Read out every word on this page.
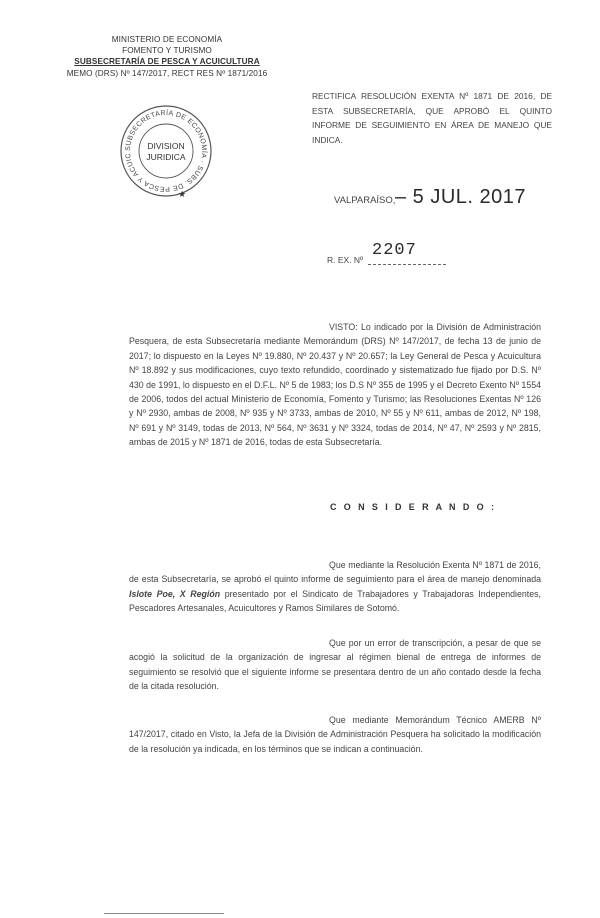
MINISTERIO DE ECONOMÍA
FOMENTO Y TURISMO
SUBSECRETARÍA DE PESCA Y ACUICULTURA
MEMO (DRS) Nº 147/2017, RECT RES Nº 1871/2016
RECTIFICA RESOLUCIÓN EXENTA Nº 1871 DE 2016, DE ESTA SUBSECRETARÍA, QUE APROBÓ EL QUINTO INFORME DE SEGUIMIENTO EN ÁREA DE MANEJO QUE INDICA.
SUBSECRETARÍA DE ECONOMÍA · SUBS. DE PESCA Y ACUIC
DIVISION
JURIDICA
★	VALPARAÍSO, – 5 JUL. 2017
R. EX. Nº 2207
VISTO: Lo indicado por la División de Administración Pesquera, de esta Subsecretaría mediante Memorándum (DRS) Nº 147/2017, de fecha 13 de junio de 2017; lo dispuesto en la Leyes Nº 19.880, Nº 20.437 y Nº 20.657; la Ley General de Pesca y Acuicultura Nº 18.892 y sus modificaciones, cuyo texto refundido, coordinado y sistematizado fue fijado por D.S. Nº 430 de 1991, lo dispuesto en el D.F.L. Nº 5 de 1983; los D.S Nº 355 de 1995 y el Decreto Exento Nº 1554 de 2006, todos del actual Ministerio de Economía, Fomento y Turismo; las Resoluciones Exentas Nº 126 y Nº 2930, ambas de 2008, Nº 935 y Nº 3733, ambas de 2010, Nº 55 y Nº 611, ambas de 2012, Nº 198, Nº 691 y Nº 3149, todas de 2013, Nº 564, Nº 3631 y Nº 3324, todas de 2014, Nº 47, Nº 2593 y Nº 2815, ambas de 2015 y Nº 1871 de 2016, todas de esta Subsecretaría.
C O N S I D E R A N D O :
Que mediante la Resolución Exenta Nº 1871 de 2016, de esta Subsecretaría, se aprobó el quinto informe de seguimiento para el área de manejo denominada Islote Poe, X Región presentado por el Sindicato de Trabajadores y Trabajadoras Independientes, Pescadores Artesanales, Acuicultores y Ramos Similares de Sotomó.
Que por un error de transcripción, a pesar de que se acogió la solicitud de la organización de ingresar al régimen bienal de entrega de informes de seguimiento se resolvió que el siguiente informe se presentara dentro de un año contado desde la fecha de la citada resolución.
Que mediante Memorándum Técnico AMERB Nº 147/2017, citado en Visto, la Jefa de la División de Administración Pesquera ha solicitado la modificación de la resolución ya indicada, en los términos que se indican a continuación.
